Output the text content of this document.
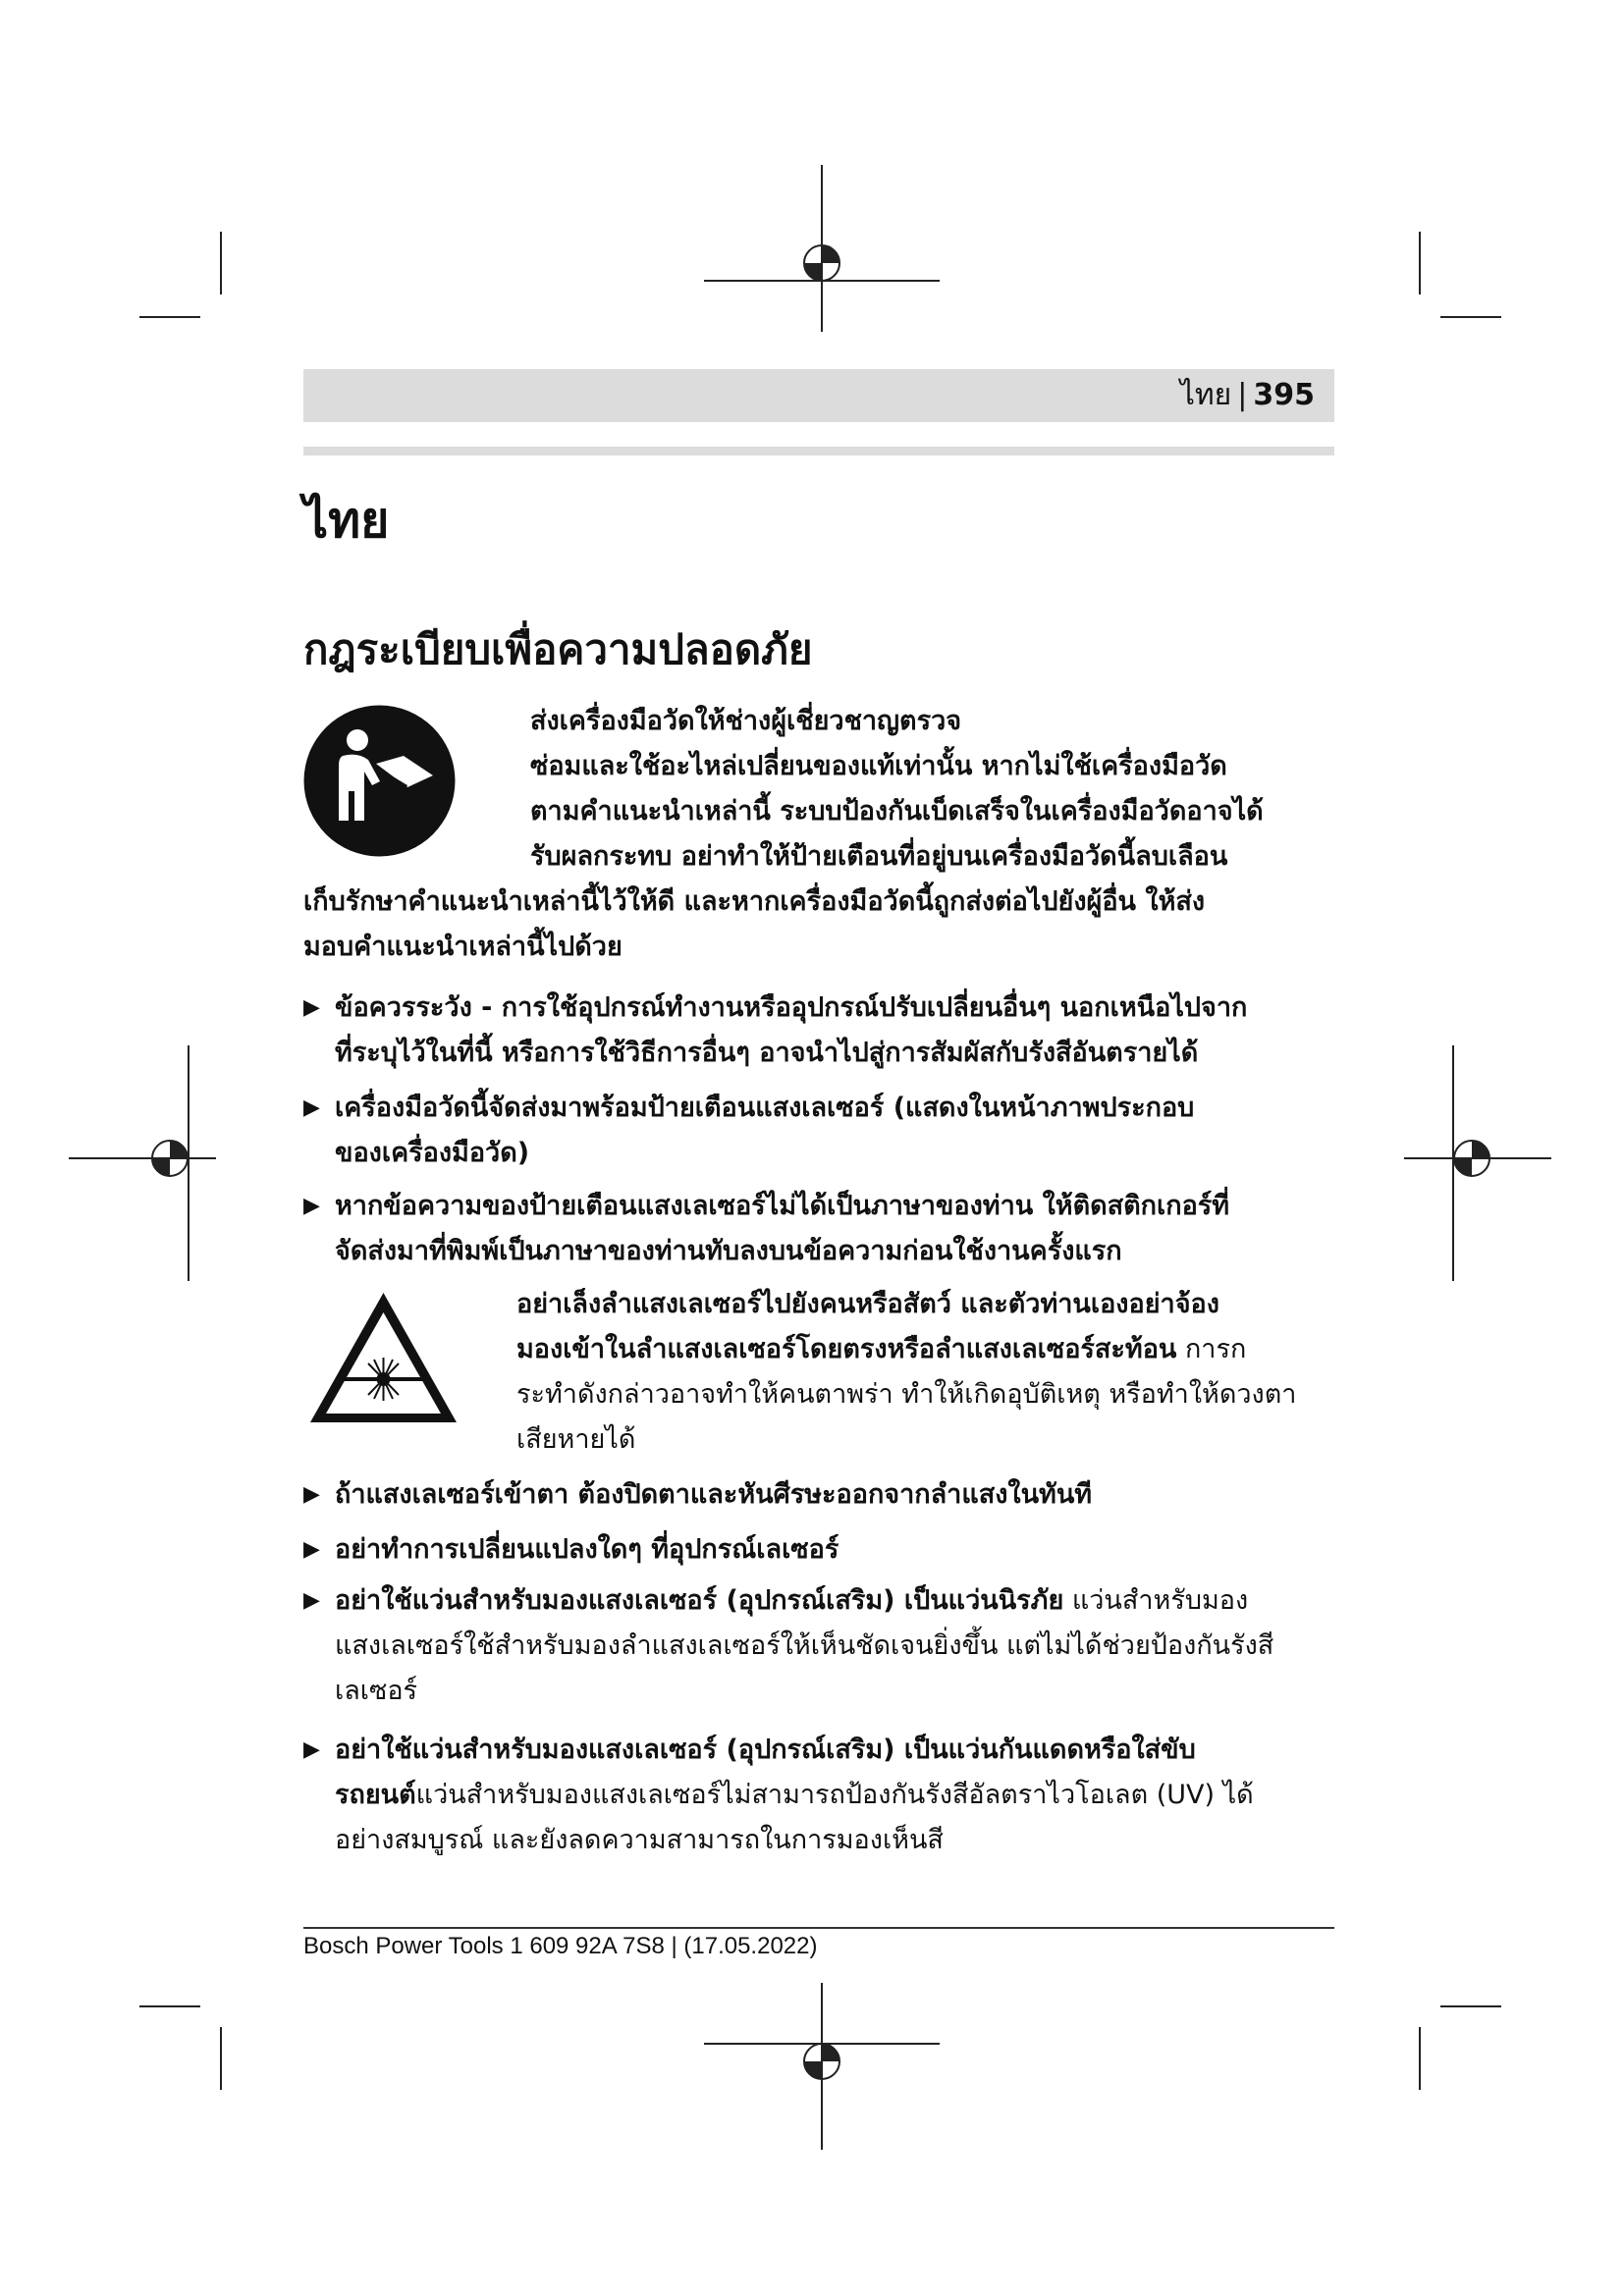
ไทย | 395
ไทย
กฎระเบียบเพื่อความปลอดภัย

ส่งเครื่องมือวัดให้ช่างผู้เชี่ยวชาญตรวจ

ซ่อมและใช้อะไหล่เปลี่ยนของแท้เท่านั้น หากไม่ใช้เครื่องมือวัด

ตามคำแนะนำเหล่านี้ ระบบป้องกันเบ็ดเสร็จในเครื่องมือวัดอาจได้

รับผลกระทบ อย่าทำให้ป้ายเตือนที่อยู่บนเครื่องมือวัดนี้ลบเลือน

เก็บรักษาคำแนะนำเหล่านี้ไว้ให้ดี และหากเครื่องมือวัดนี้ถูกส่งต่อไปยังผู้อื่น ให้ส่ง

มอบคำแนะนำเหล่านี้ไปด้วย

▶ ข้อควรระวัง - การใช้อุปกรณ์ทำงานหรืออุปกรณ์ปรับเปลี่ยนอื่นๆ นอกเหนือไปจาก

ที่ระบุไว้ในที่นี้ หรือการใช้วิธีการอื่นๆ อาจนำไปสู่การสัมผัสกับรังสีอันตรายได้

▶ เครื่องมือวัดนี้จัดส่งมาพร้อมป้ายเตือนแสงเลเซอร์ (แสดงในหน้าภาพประกอบ

ของเครื่องมือวัด)

▶ หากข้อความของป้ายเตือนแสงเลเซอร์ไม่ได้เป็นภาษาของท่าน ให้ติดสติกเกอร์ที่

จัดส่งมาที่พิมพ์เป็นภาษาของท่านทับลงบนข้อความก่อนใช้งานครั้งแรก

อย่าเล็งลำแสงเลเซอร์ไปยังคนหรือสัตว์ และตัวท่านเองอย่าจ้อง

มองเข้าในลำแสงเลเซอร์โดยตรงหรือลำแสงเลเซอร์สะท้อน การก

ระทำดังกล่าวอาจทำให้คนตาพร่า ทำให้เกิดอุบัติเหตุ หรือทำให้ดวงตา

เสียหายได้

▶ ถ้าแสงเลเซอร์เข้าตา ต้องปิดตาและหันศีรษะออกจากลำแสงในทันที
▶ อย่าทำการเปลี่ยนแปลงใดๆ ที่อุปกรณ์เลเซอร์
▶ อย่าใช้แว่นสำหรับมองแสงเลเซอร์ (อุปกรณ์เสริม) เป็นแว่นนิรภัย แว่นสำหรับมอง

แสงเลเซอร์ใช้สำหรับมองลำแสงเลเซอร์ให้เห็นชัดเจนยิ่งขึ้น แต่ไม่ได้ช่วยป้องกันรังสี

เลเซอร์

▶ อย่าใช้แว่นสำหรับมองแสงเลเซอร์ (อุปกรณ์เสริม) เป็นแว่นกันแดดหรือใส่ขับ

รถยนต์แว่นสำหรับมองแสงเลเซอร์ไม่สามารถป้องกันรังสีอัลตราไวโอเลต (UV) ได้

อย่างสมบูรณ์ และยังลดความสามารถในการมองเห็นสี

Bosch Power Tools 1 609 92A 7S8 | (17.05.2022)
